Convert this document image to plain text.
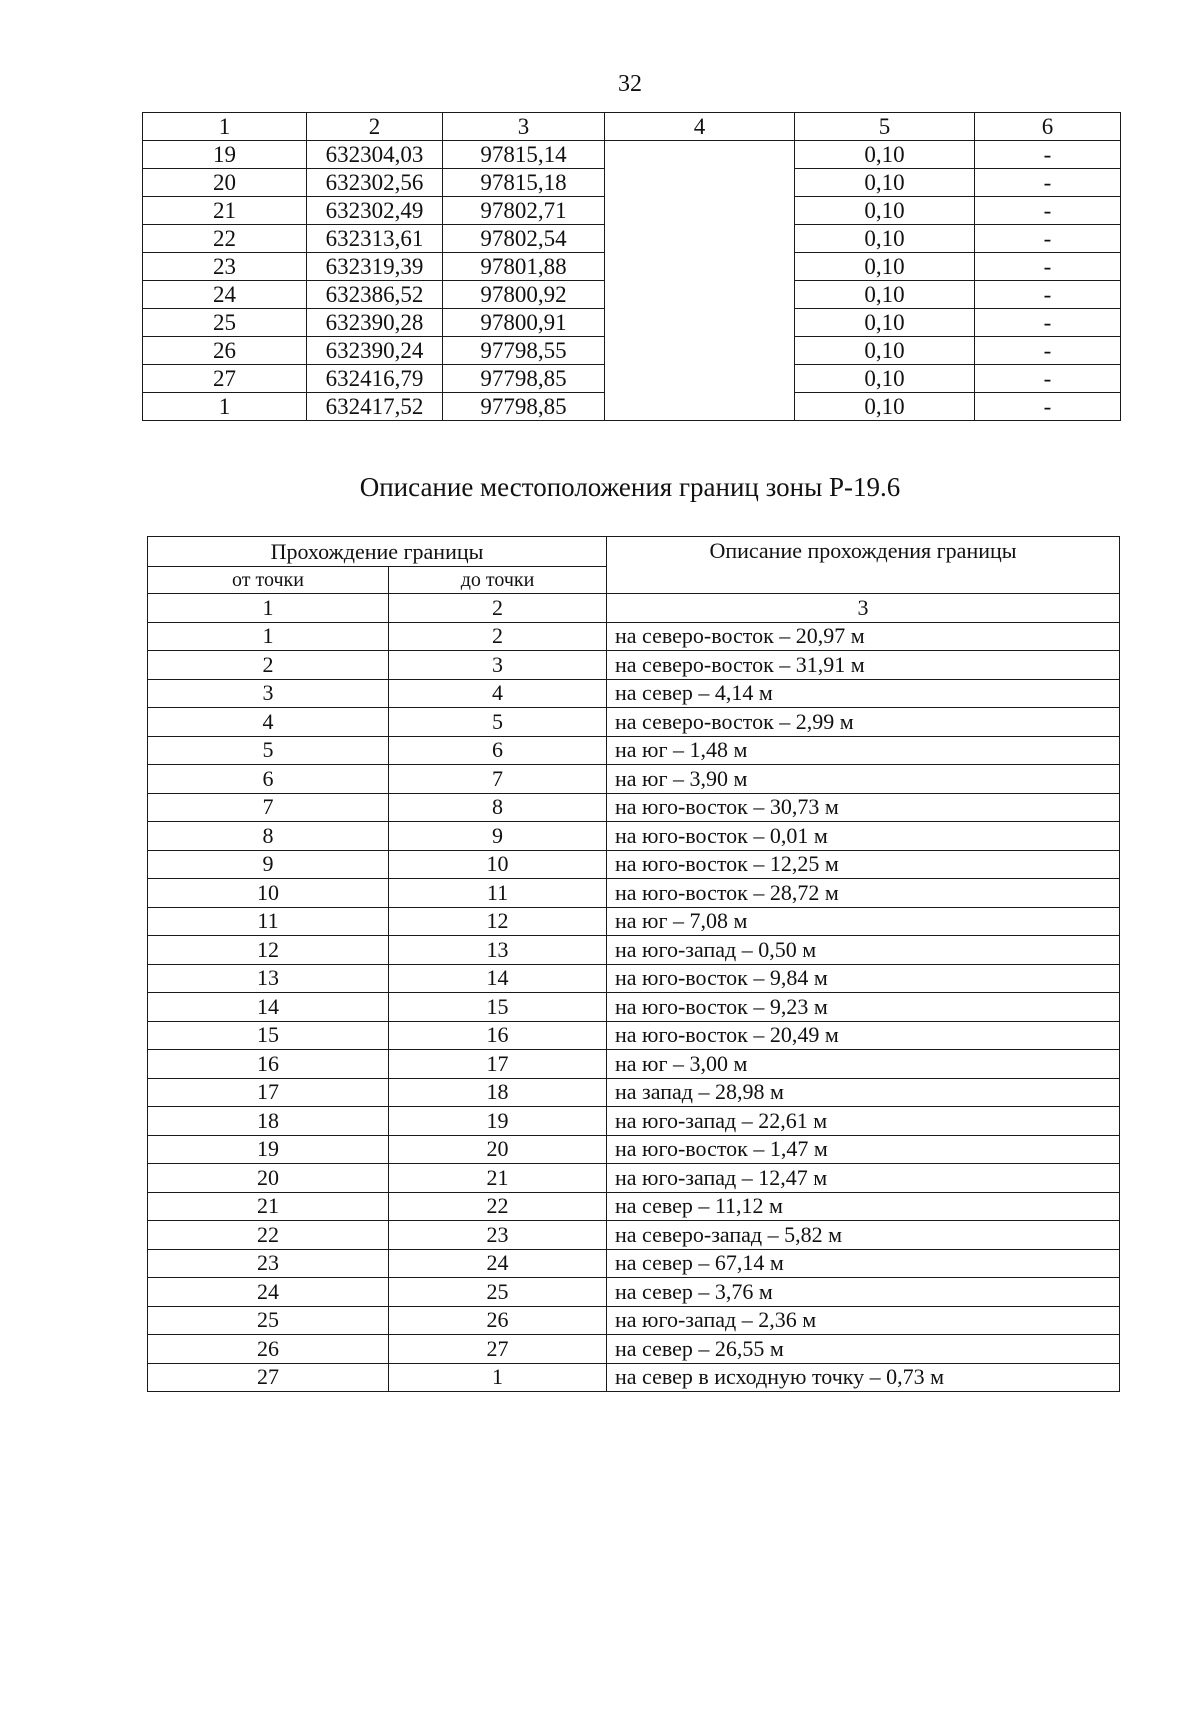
32
1	2	3	4	5	6
19	632304,03	97815,14		0,10	-
20	632302,56	97815,18		0,10	-
21	632302,49	97802,71		0,10	-
22	632313,61	97802,54		0,10	-
23	632319,39	97801,88		0,10	-
24	632386,52	97800,92		0,10	-
25	632390,28	97800,91		0,10	-
26	632390,24	97798,55		0,10	-
27	632416,79	97798,85		0,10	-
1	632417,52	97798,85		0,10	-
Описание местоположения границ зоны Р-19.6
Прохождение границы		Описание прохождения границы
от точки	до точки	
1	2	3
1	2	на северо-восток – 20,97 м
2	3	на северо-восток – 31,91 м
3	4	на север – 4,14 м
4	5	на северо-восток – 2,99 м
5	6	на юг – 1,48 м
6	7	на юг – 3,90 м
7	8	на юго-восток – 30,73 м
8	9	на юго-восток – 0,01 м
9	10	на юго-восток – 12,25 м
10	11	на юго-восток – 28,72 м
11	12	на юг – 7,08 м
12	13	на юго-запад – 0,50 м
13	14	на юго-восток – 9,84 м
14	15	на юго-восток – 9,23 м
15	16	на юго-восток – 20,49 м
16	17	на юг – 3,00 м
17	18	на запад – 28,98 м
18	19	на юго-запад – 22,61 м
19	20	на юго-восток – 1,47 м
20	21	на юго-запад – 12,47 м
21	22	на север – 11,12 м
22	23	на северо-запад – 5,82 м
23	24	на север – 67,14 м
24	25	на север – 3,76 м
25	26	на юго-запад – 2,36 м
26	27	на север – 26,55 м
27	1	на север в исходную точку – 0,73 м
